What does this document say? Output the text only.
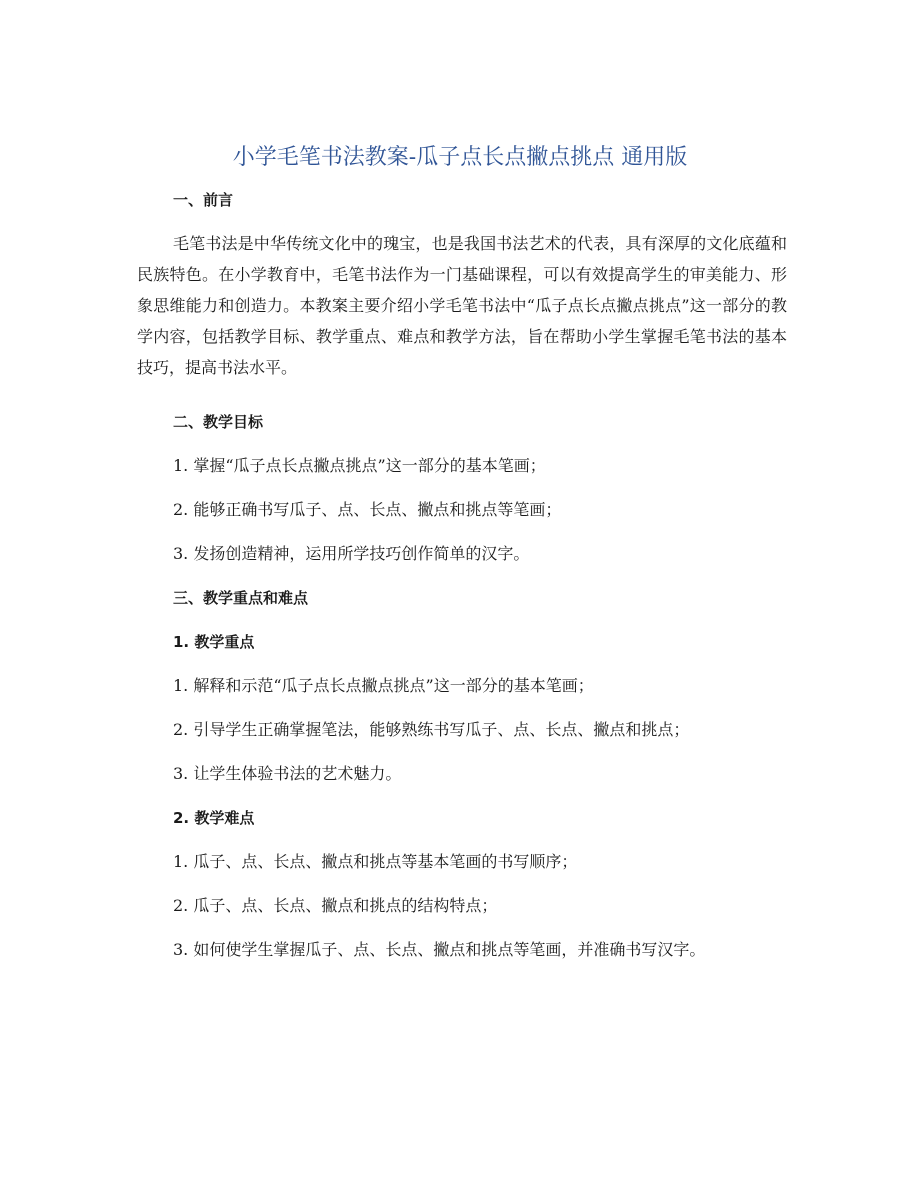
小学毛笔书法教案-瓜子点长点撇点挑点 通用版

一、前言

毛笔书法是中华传统文化中的瑰宝，也是我国书法艺术的代表，具有深厚的文化底蕴和民族特色。在小学教育中，毛笔书法作为一门基础课程，可以有效提高学生的审美能力、形象思维能力和创造力。本教案主要介绍小学毛笔书法中“瓜子点长点撇点挑点”这一部分的教学内容，包括教学目标、教学重点、难点和教学方法，旨在帮助小学生掌握毛笔书法的基本技巧，提高书法水平。

二、教学目标

1. 掌握“瓜子点长点撇点挑点”这一部分的基本笔画；

2. 能够正确书写瓜子、点、长点、撇点和挑点等笔画；

3. 发扬创造精神，运用所学技巧创作简单的汉字。

三、教学重点和难点

1. 教学重点

1. 解释和示范“瓜子点长点撇点挑点”这一部分的基本笔画；

2. 引导学生正确掌握笔法，能够熟练书写瓜子、点、长点、撇点和挑点；

3. 让学生体验书法的艺术魅力。

2. 教学难点

1. 瓜子、点、长点、撇点和挑点等基本笔画的书写顺序；

2. 瓜子、点、长点、撇点和挑点的结构特点；

3. 如何使学生掌握瓜子、点、长点、撇点和挑点等笔画，并准确书写汉字。
